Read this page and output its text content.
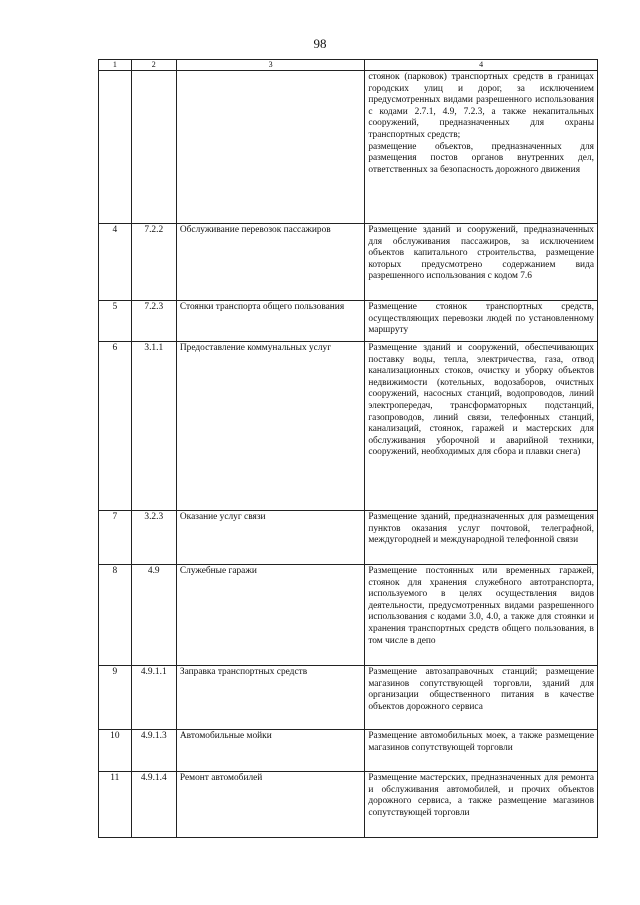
98
1	2	3	4
			стоянок (парковок) транспортных средств в границах городских улиц и дорог, за исключением предусмотренных видами разрешенного использования с кодами 2.7.1, 4.9, 7.2.3, а также некапитальных сооружений, предназначенных для охраны транспортных средств;
размещение объектов, предназначенных для размещения постов органов внутренних дел, ответственных за безопасность дорожного движения
4	7.2.2	Обслуживание перевозок пассажиров	Размещение зданий и сооружений, предназначенных для обслуживания пассажиров, за исключением объектов капитального строительства, размещение которых предусмотрено содержанием вида разрешенного использования с кодом 7.6
5	7.2.3	Стоянки транспорта общего пользования	Размещение стоянок транспортных средств, осуществляющих перевозки людей по установленному маршруту
6	3.1.1	Предоставление коммунальных услуг	Размещение зданий и сооружений, обеспечивающих поставку воды, тепла, электричества, газа, отвод канализационных стоков, очистку и уборку объектов недвижимости (котельных, водозаборов, очистных сооружений, насосных станций, водопроводов, линий электропередач, трансформаторных подстанций, газопроводов, линий связи, телефонных станций, канализаций, стоянок, гаражей и мастерских для обслуживания уборочной и аварийной техники, сооружений, необходимых для сбора и плавки снега)
7	3.2.3	Оказание услуг связи	Размещение зданий, предназначенных для размещения пунктов оказания услуг почтовой, телеграфной, междугородней и международной телефонной связи
8	4.9	Служебные гаражи	Размещение постоянных или временных гаражей, стоянок для хранения служебного автотранспорта, используемого в целях осуществления видов деятельности, предусмотренных видами разрешенного использования с кодами 3.0, 4.0, а также для стоянки и хранения транспортных средств общего пользования, в том числе в депо
9	4.9.1.1	Заправка транспортных средств	Размещение автозаправочных станций; размещение магазинов сопутствующей торговли, зданий для организации общественного питания в качестве объектов дорожного сервиса
10	4.9.1.3	Автомобильные мойки	Размещение автомобильных моек, а также размещение магазинов сопутствующей торговли
11	4.9.1.4	Ремонт автомобилей	Размещение мастерских, предназначенных для ремонта и обслуживания автомобилей, и прочих объектов дорожного сервиса, а также размещение магазинов сопутствующей торговли
